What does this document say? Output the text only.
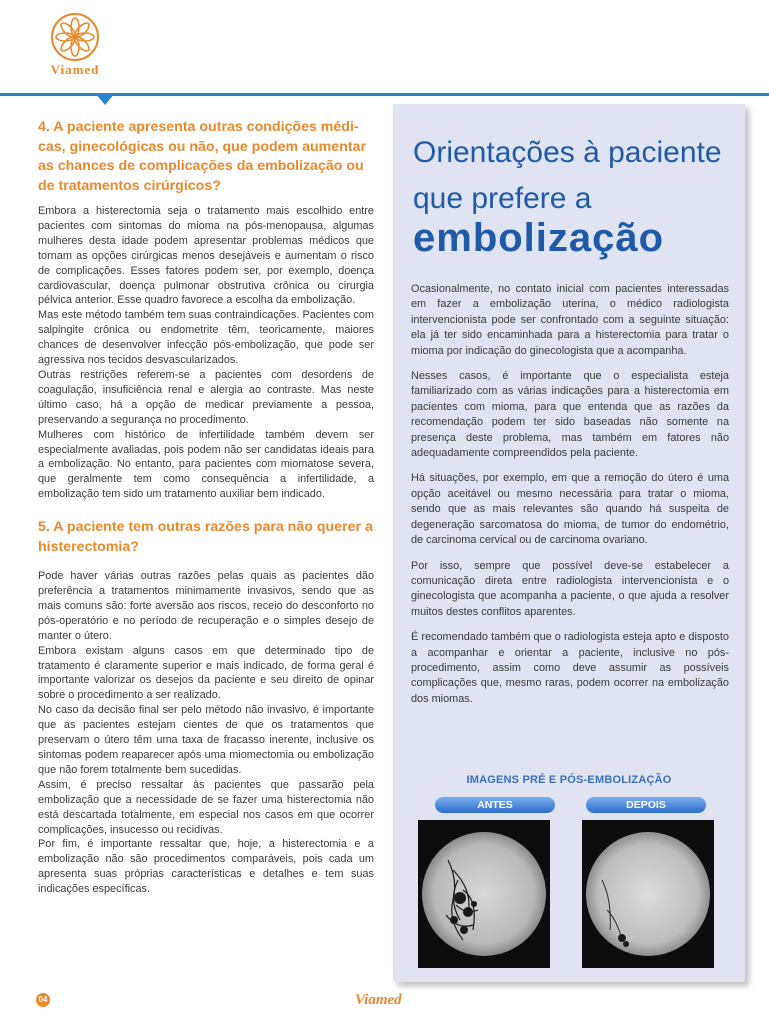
Viamed
4. A paciente apresenta outras condições médi-cas, ginecológicas ou não, que podem aumentar as chances de complicações da embolização ou de tratamentos cirúrgicos?

Embora a histerectomia seja o tratamento mais escolhido entre pacientes com sintomas do mioma na pós-menopausa, algumas mulheres desta idade podem apresentar problemas médicos que tornam as opções cirúrgicas menos desejáveis e aumentam o risco de complicações. Esses fatores podem ser, por exemplo, doença cardiovascular, doença pulmonar obstrutiva crônica ou cirurgia pélvica anterior. Esse quadro favorece a escolha da embolização.

Mas este método também tem suas contraindicações. Pacientes com salpingite crônica ou endometrite têm, teoricamente, maiores chances de desenvolver infecção pós-embolização, que pode ser agressiva nos tecidos desvascularizados.

Outras restrições referem-se a pacientes com desordens de coagulação, insuficiência renal e alergia ao contraste. Mas neste último caso, há a opção de medicar previamente a pessoa, preservando a segurança no procedimento.

Mulheres com histórico de infertilidade também devem ser especialmente avaliadas, pois podem não ser candidatas ideais para a embolização. No entanto, para pacientes com miomatose severa, que geralmente tem como consequência a infertilidade, a embolização tem sido um tratamento auxiliar bem indicado.

5. A paciente tem outras razões para não querer a histerectomia?

Pode haver várias outras razões pelas quais as pacientes dão preferência a tratamentos minimamente invasivos, sendo que as mais comuns são: forte aversão aos riscos, receio do desconforto no pós-operatório e no período de recuperação e o simples desejo de manter o útero.

Embora existam alguns casos em que determinado tipo de tratamento é claramente superior e mais indicado, de forma geral é importante valorizar os desejos da paciente e seu direito de opinar sobre o procedimento a ser realizado.

No caso da decisão final ser pelo método não invasivo, é importante que as pacientes estejam cientes de que os tratamentos que preservam o útero têm uma taxa de fracasso inerente, inclusive os sintomas podem reaparecer após uma miomectomia ou embolização que não forem totalmente bem sucedidas.

Assim, é preciso ressaltar às pacientes que passarão pela embolização que a necessidade de se fazer uma histerectomia não está descartada totalmente, em especial nos casos em que ocorrer complicações, insucesso ou recidivas.

Por fim, é importante ressaltar que, hoje, a histerectomia e a embolização não são procedimentos comparáveis, pois cada um apresenta suas próprias características e detalhes e tem suas indicações específicas.

Orientações à paciente que prefere a
embolização

Ocasionalmente, no contato inicial com pacientes interessadas em fazer a embolização uterina, o médico radiologista intervencionista pode ser confrontado com a seguinte situação: ela já ter sido encaminhada para a histerectomia para tratar o mioma por indicação do ginecologista que a acompanha.

Nesses casos, é importante que o especialista esteja familiarizado com as várias indicações para a histerectomia em pacientes com mioma, para que entenda que as razões da recomendação podem ter sido baseadas não somente na presença deste problema, mas também em fatores não adequadamente compreendidos pela paciente.

Há situações, por exemplo, em que a remoção do útero é uma opção aceitável ou mesmo necessária para tratar o mioma, sendo que as mais relevantes são quando há suspeita de degeneração sarcomatosa do mioma, de tumor do endométrio, de carcinoma cervical ou de carcinoma ovariano.

Por isso, sempre que possível deve-se estabelecer a comunicação direta entre radiologista intervencionista e o ginecologista que acompanha a paciente, o que ajuda a resolver muitos destes conflitos aparentes.

É recomendado também que o radiologista esteja apto e disposto a acompanhar e orientar a paciente, inclusive no pós-procedimento, assim como deve assumir as possíveis complicações que, mesmo raras, podem ocorrer na embolização dos miomas.

IMAGENS PRÉ E PÓS-EMBOLIZAÇÃO
ANTES	DEPOIS
04	Viamed
